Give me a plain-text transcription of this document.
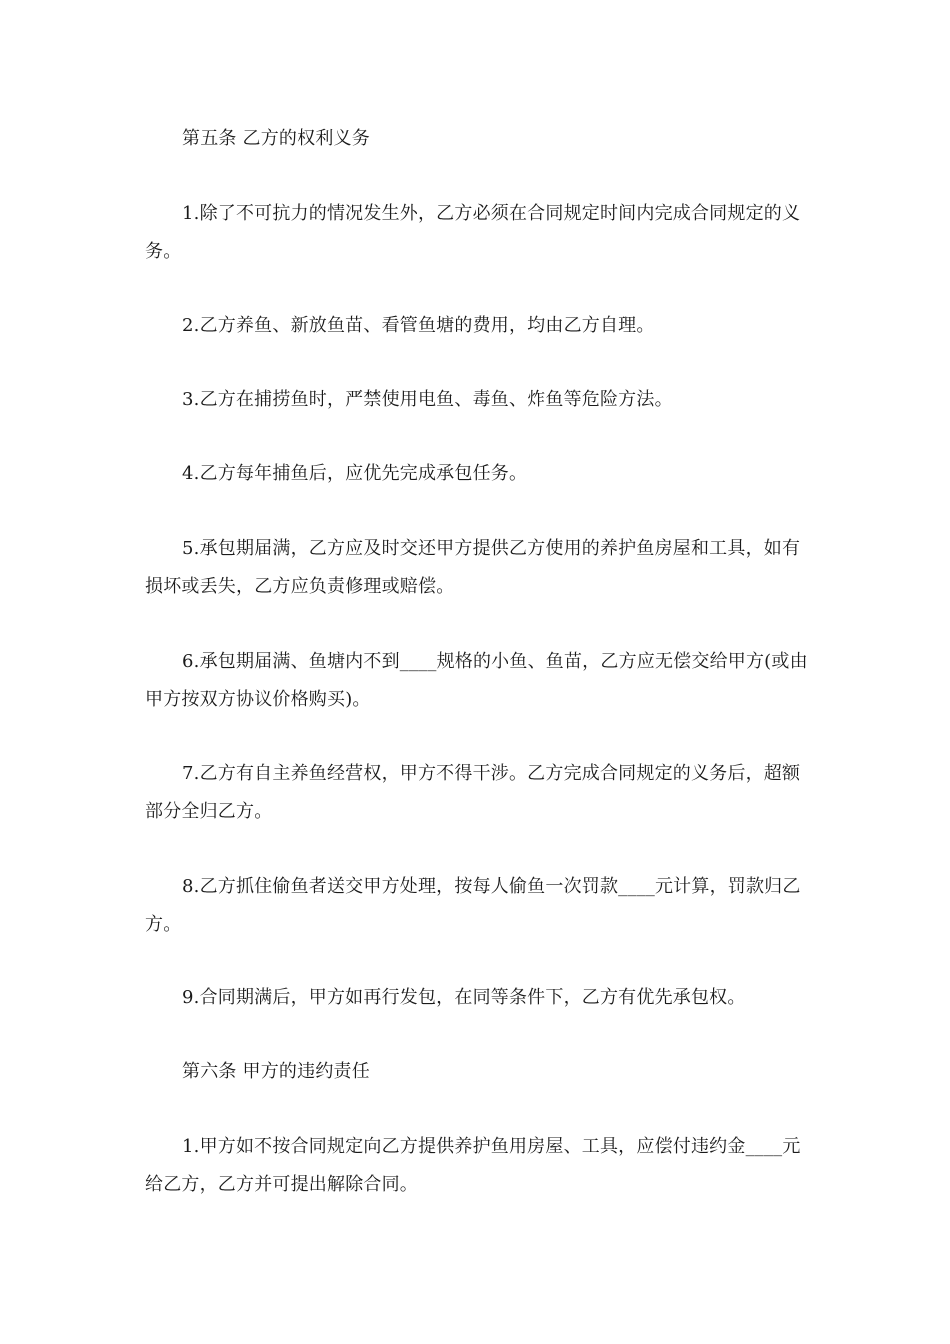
第五条 乙方的权利义务

1.除了不可抗力的情况发生外，乙方必须在合同规定时间内完成合同规定的义务。

2.乙方养鱼、新放鱼苗、看管鱼塘的费用，均由乙方自理。

3.乙方在捕捞鱼时，严禁使用电鱼、毒鱼、炸鱼等危险方法。

4.乙方每年捕鱼后，应优先完成承包任务。

5.承包期届满，乙方应及时交还甲方提供乙方使用的养护鱼房屋和工具，如有损坏或丢失，乙方应负责修理或赔偿。

6.承包期届满、鱼塘内不到____规格的小鱼、鱼苗，乙方应无偿交给甲方(或由甲方按双方协议价格购买)。

7.乙方有自主养鱼经营权，甲方不得干涉。乙方完成合同规定的义务后，超额部分全归乙方。

8.乙方抓住偷鱼者送交甲方处理，按每人偷鱼一次罚款____元计算，罚款归乙方。

9.合同期满后，甲方如再行发包，在同等条件下，乙方有优先承包权。

第六条 甲方的违约责任

1.甲方如不按合同规定向乙方提供养护鱼用房屋、工具，应偿付违约金____元给乙方，乙方并可提出解除合同。
